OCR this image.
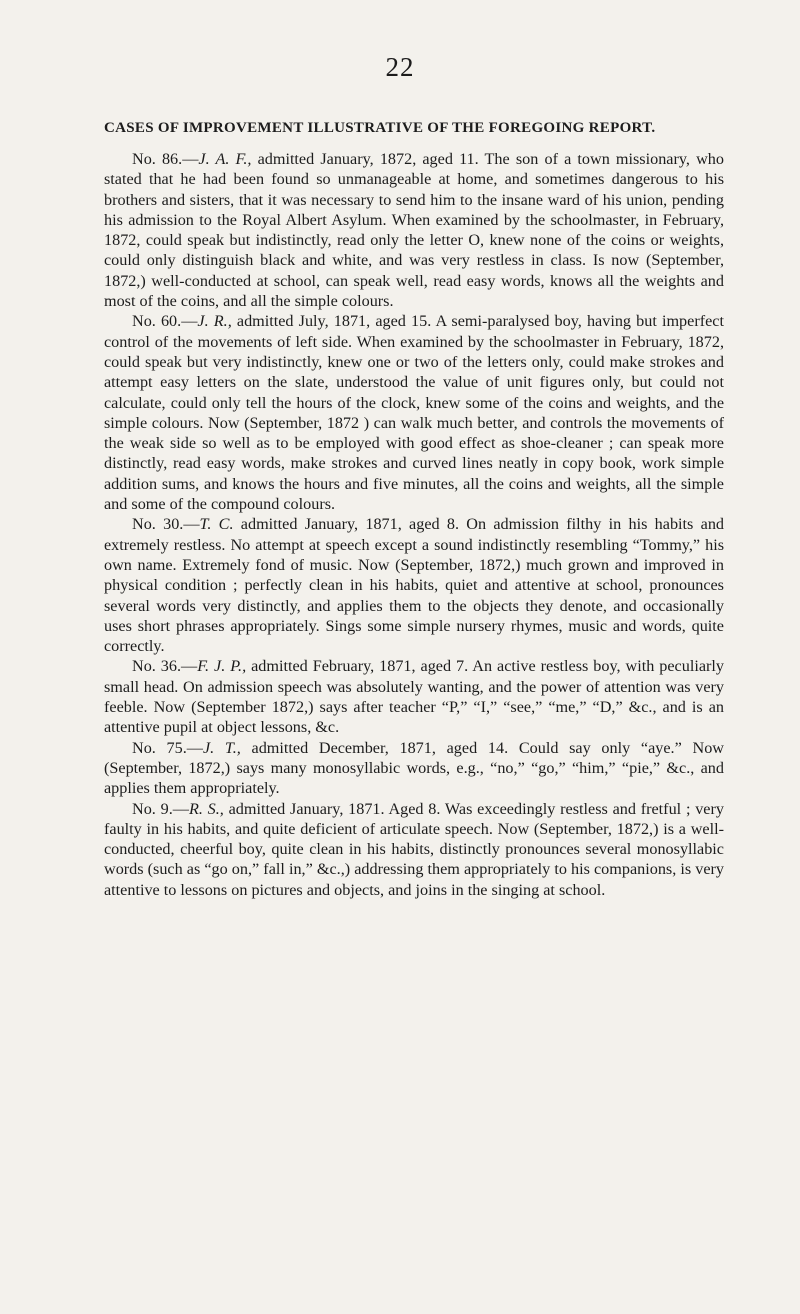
22
CASES OF IMPROVEMENT ILLUSTRATIVE OF THE FOREGOING REPORT.

No. 86.—J. A. F., admitted January, 1872, aged 11. The son of a town missionary, who stated that he had been found so unmanageable at home, and sometimes dangerous to his brothers and sisters, that it was necessary to send him to the insane ward of his union, pending his admission to the Royal Albert Asylum. When examined by the schoolmaster, in February, 1872, could speak but indistinctly, read only the letter O, knew none of the coins or weights, could only distinguish black and white, and was very restless in class. Is now (September, 1872,) well-conducted at school, can speak well, read easy words, knows all the weights and most of the coins, and all the simple colours.

No. 60.—J. R., admitted July, 1871, aged 15. A semi-paralysed boy, having but imperfect control of the movements of left side. When examined by the schoolmaster in February, 1872, could speak but very indistinctly, knew one or two of the letters only, could make strokes and attempt easy letters on the slate, understood the value of unit figures only, but could not calculate, could only tell the hours of the clock, knew some of the coins and weights, and the simple colours. Now (September, 1872 ) can walk much better, and controls the movements of the weak side so well as to be employed with good effect as shoe-cleaner ; can speak more distinctly, read easy words, make strokes and curved lines neatly in copy book, work simple addition sums, and knows the hours and five minutes, all the coins and weights, all the simple and some of the compound colours.

No. 30.—T. C. admitted January, 1871, aged 8. On admission filthy in his habits and extremely restless. No attempt at speech except a sound indistinctly resembling “Tommy,” his own name. Extremely fond of music. Now (September, 1872,) much grown and improved in physical condition ; perfectly clean in his habits, quiet and attentive at school, pronounces several words very distinctly, and applies them to the objects they denote, and occasionally uses short phrases appropriately. Sings some simple nursery rhymes, music and words, quite correctly.

No. 36.—F. J. P., admitted February, 1871, aged 7. An active restless boy, with peculiarly small head. On admission speech was absolutely wanting, and the power of attention was very feeble. Now (September 1872,) says after teacher “P,” “I,” “see,” “me,” “D,” &c., and is an attentive pupil at object lessons, &c.

No. 75.—J. T., admitted December, 1871, aged 14. Could say only “aye.” Now (September, 1872,) says many monosyllabic words, e.g., “no,” “go,” “him,” “pie,” &c., and applies them appropriately.

No. 9.—R. S., admitted January, 1871. Aged 8. Was exceedingly restless and fretful ; very faulty in his habits, and quite deficient of articulate speech. Now (September, 1872,) is a well-conducted, cheerful boy, quite clean in his habits, distinctly pronounces several monosyllabic words (such as “go on,” fall in,” &c.,) addressing them appropriately to his companions, is very attentive to lessons on pictures and objects, and joins in the singing at school.
